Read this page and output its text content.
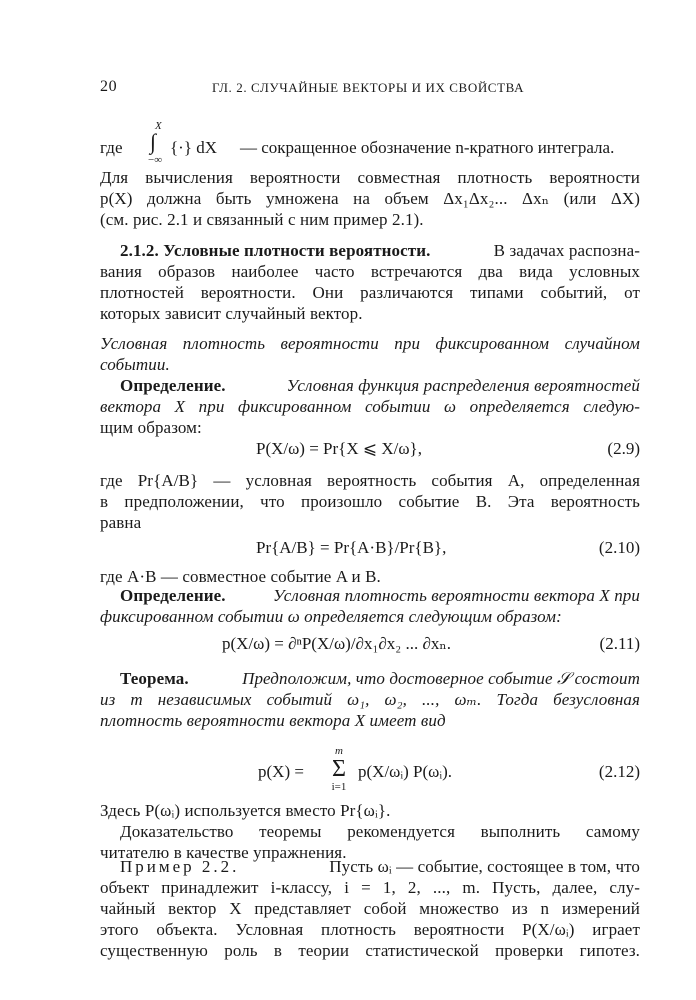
20	ГЛ. 2. СЛУЧАЙНЫЕ ВЕКТОРЫ И ИХ СВОЙСТВА
где
X
∫
−∞
{·} dX — сокращенное обозначение n-кратного интеграла.
Для вычисления вероятности совместная плотность вероятности
p(X) должна быть умножена на объем Δx₁Δx₂... Δxₙ (или ΔX)
(см. рис. 2.1 и связанный с ним пример 2.1).
2.1.2. Условные плотности вероятности.	В задачах распозна-
вания образов наиболее часто встречаются два вида условных
плотностей вероятности. Они различаются типами событий, от
которых зависит случайный вектор.
Условная плотность вероятности при фиксированном случайном
событии.
Определение.	Условная функция распределения вероятностей
вектора X при фиксированном событии ω определяется следую-
щим образом:
P(X/ω) = Pr{X ⩽ X/ω},	(2.9)
где Pr{A/B} — условная вероятность события A, определенная
в предположении, что произошло событие B. Эта вероятность
равна
Pr{A/B} = Pr{A·B}/Pr{B},	(2.10)
где A·B — совместное событие A и B.
Определение.	Условная плотность вероятности вектора X при
фиксированном событии ω определяется следующим образом:
p(X/ω) = ∂ⁿP(X/ω)/∂x₁∂x₂ ... ∂xₙ.	(2.11)
Теорема.	Предположим, что достоверное событие 𝒮 состоит
из m независимых событий ω₁, ω₂, ..., ωₘ. Тогда безусловная
плотность вероятности вектора X имеет вид
p(X) =
m
Σ
i=1
p(X/ωᵢ) P(ωᵢ).	(2.12)
Здесь P(ωᵢ) используется вместо Pr{ωᵢ}.
Доказательство теоремы рекомендуется выполнить самому
читателю в качестве упражнения.
Пример 2.2.	Пусть ωᵢ — событие, состоящее в том, что
объект принадлежит i-классу, i = 1, 2, ..., m. Пусть, далее, слу-
чайный вектор X представляет собой множество из n измерений
этого объекта. Условная плотность вероятности P(X/ωᵢ) играет
существенную роль в теории статистической проверки гипотез.
